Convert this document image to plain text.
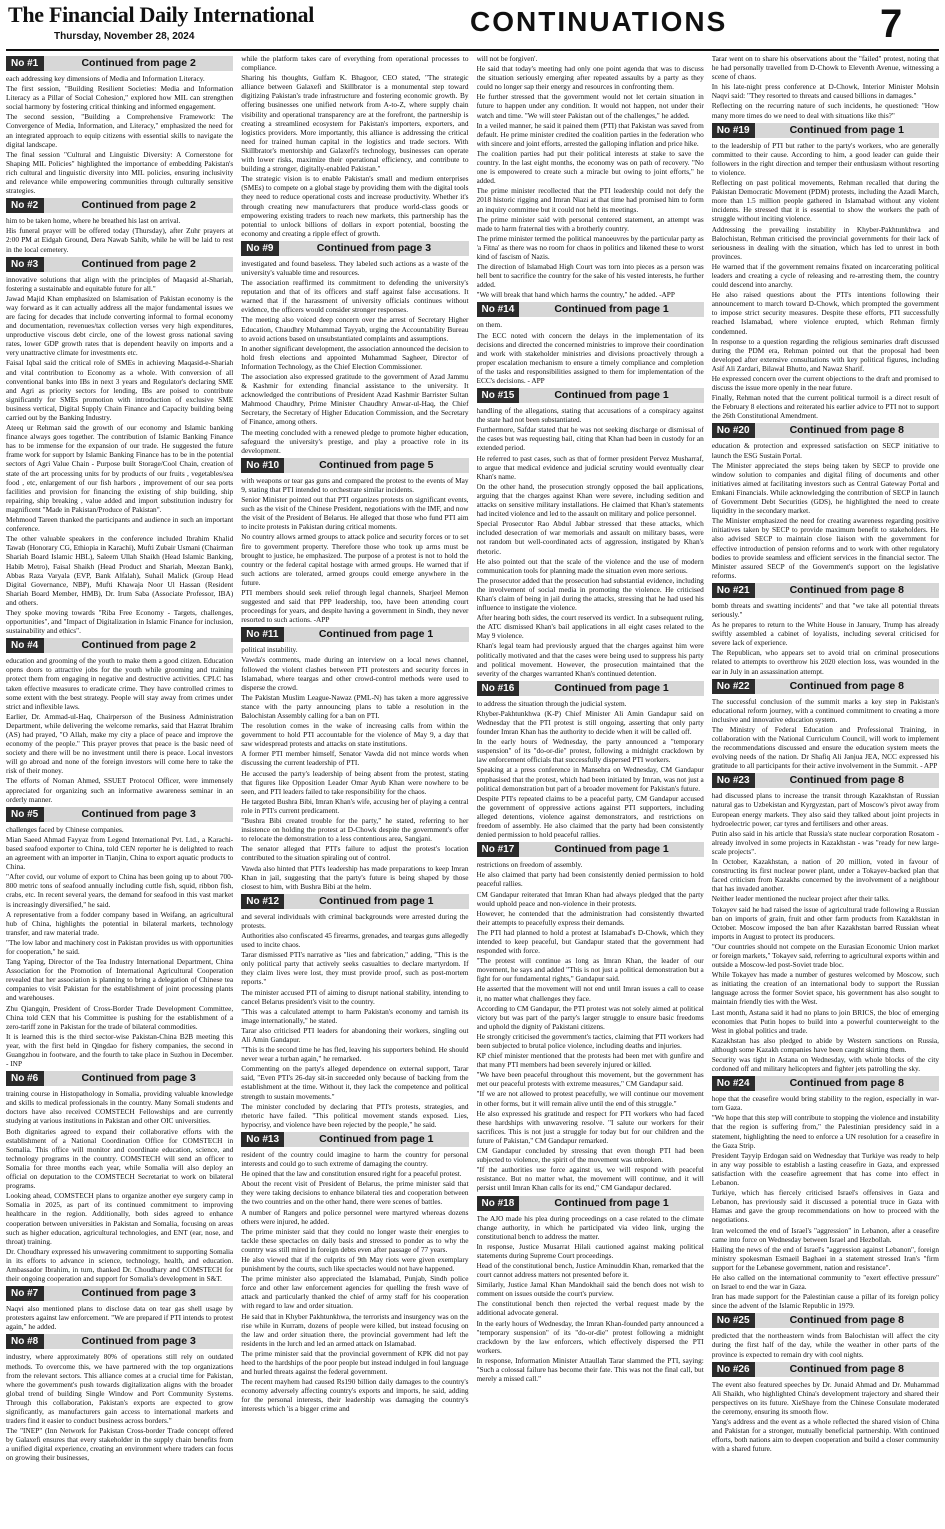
The Financial Daily International
Thursday, November 28, 2024	CONTINUATIONS	7
No #1	Continued from page 2

each addressing key dimensions of Media and Information Literacy.

The first session, "Building Resilient Societies: Media and Information Literacy as a Pillar of Social Cohesion," explored how MIL can strengthen social harmony by fostering critical thinking and informed engagement.

The second session, "Building a Comprehensive Framework: The Convergence of Media, Information, and Literacy," emphasized the need for an integrated approach to equip citizens with essential skills to navigate the digital landscape.

The final session "Cultural and Linguistic Diversity: A Cornerstone for Shaping MIL Policies" highlighted the importance of embedding Pakistan's rich cultural and linguistic diversity into MIL policies, ensuring inclusivity and relevance while empowering communities through culturally sensitive strategies.

No #2	Continued from page 2

him to be taken home, where he breathed his last on arrival.

His funeral prayer will be offered today (Thursday), after Zuhr prayers at 2:00 PM at Eidgah Ground, Dera Nawab Sahib, while he will be laid to rest in the local cemetery.

No #3	Continued from page 2

innovative solutions that align with the principles of Maqasid al-Shariah, fostering a sustainable and equitable future for all."

Jawad Majid Khan emphasized on Islamisation of Pakistan economy is the way forward as it can actually address all the major fundamental issues we are facing for decades that include converting informal to formal economy and documentation, revenues/tax collection verses very high expenditures, unproductive viscous debt circle, one of the lowest gross national saving rates, lower GDP growth rates that is dependent heavily on imports and a very unattractive climate for investments etc.

Faisal Iqbal said the critical role of SMEs in achieving Maqasid-e-Shariah and vital contribution to Economy as a whole. With conversion of all conventional banks into IBs in next 3 years and Regulator's declaring SME and Agri as priority sectors for lending, IBs are poised to contribute significantly for SMEs promotion with introduction of exclusive SME business vertical, Digital Supply Chain Finance and Capacity building being carried out by the Banking Industry.

Ateeq ur Rehman said the growth of our economy and Islamic banking finance always goes together. The contribution of Islamic Banking Finance has to be immense for the expansion of our trade. He suggested the future frame work for support by Islamic Banking Finance has to be in the potential sectors of Agri Value Chain - Purpose built Storage/Cool Chain, creation of state of the art processing units for by products of our fruits , vegetables/sea food , etc, enlargement of our fish harbors , improvement of our sea ports facilities and provision for financing the existing of ship building, ship repairing, ship breaking , value added and import substitution industry for magnificent "Made in Pakistan/Produce of Pakistan".

Mehmood Tareen thanked the participants and audience in such an important conference.

The other valuable speakers in the conference included Ibrahim Khalid Tawab (Honorary CG, Ethiopia in Karachi), Mufti Zubair Usmani (Chairman Shariah Board Islamic HBL), Saleem Ullah Shaikh (Head Islamic Banking, Habib Metro), Faisal Shaikh (Head Product and Shariah, Meezan Bank), Abbas Raza Varyala (EVP, Bank Alfalah), Suhail Malick (Group Head Digital Governance, NBP), Mufti Khawaja Noor Ul Hassan (Resident Shariah Board Member, HMB), Dr. Irum Saba (Associate Professor, IBA) and others.

They spoke moving towards "Riba Free Economy - Targets, challenges, opportunities", and "Impact of Digitalization in Islamic Finance for inclusion, sustainability and ethics".

No #4	Continued from page 2

education and grooming of the youth to make them a good citizen. Education opens doors to attractive jobs for the youth while grooming and training protect them from engaging in negative and destructive activities. CPLC has taken effective measures to eradicate crime. They have controlled crimes to some extent with the best strategy. People will stay away from crimes under strict and inflexible laws.

Earlier, Dr. Ammad-ul-Haq, Chairperson of the Business Administration Department, while delivering the welcome remarks, said that Hazrat Ibrahim (AS) had prayed, "O Allah, make my city a place of peace and improve the economy of the people." This prayer proves that peace is the basic need of society and there will be no investment until there is peace. Local investors will go abroad and none of the foreign investors will come here to take the risk of their money.

The efforts of Noman Ahmed, SSUET Protocol Officer, were immensely appreciated for organizing such an informative awareness seminar in an orderly manner.

No #5	Continued from page 3

challenges faced by Chinese companies.

Mian Saeed Ahmad Fayyaz from Legend International Pvt. Ltd., a Karachi-based seafood exporter to China, told CEN reporter he is delighted to reach an agreement with an importer in Tianjin, China to export aquatic products to China.

"After covid, our volume of export to China has been going up to about 700-800 metric tons of seafood annually including cuttle fish, squid, ribbon fish, crabs, etc. In recent several years, the demand for seafood in this vast market is increasingly diversified," he said.

A representative from a fodder company based in Weifang, an agricultural hub of China, highlights the potential in bilateral markets, technology transfer, and raw material trade.

"The low labor and machinery cost in Pakistan provides us with opportunities for cooperation," he said.

Tang Yaping, Director of the Tea Industry International Department, China Association for the Promotion of International Agricultural Cooperation revealed that her association is planning to bring a delegation of Chinese tea companies to visit Pakistan for the establishment of joint processing plants and warehouses.

Zhu Qiangqin, President of Cross-Border Trade Development Committee, China told CEN that his Committee is pushing for the establishment of a zero-tariff zone in Pakistan for the trade of bilateral commodities.

It is learned this is the third sector-wise Pakistan-China B2B meeting this year, with the first held in Qingdao for fishery companies, the second in Guangzhou in footware, and the fourth to take place in Suzhou in December. - INP

No #6	Continued from page 3

training course in Histopathology in Somalia, providing valuable knowledge and skills to medical professionals in the country. Many Somali students and doctors have also received COMSTECH Fellowships and are currently studying at various institutions in Pakistan and other OIC universities.

Both dignitaries agreed to expand their collaborative efforts with the establishment of a National Coordination Office for COMSTECH in Somalia. This office will monitor and coordinate education, science, and technology programs in the country. COMSTECH will send an officer to Somalia for three months each year, while Somalia will also deploy an official on deputation to the COMSTECH Secretariat to work on bilateral programs.

Looking ahead, COMSTECH plans to organize another eye surgery camp in Somalia in 2025, as part of its continued commitment to improving healthcare in the region. Additionally, both sides agreed to enhance cooperation between universities in Pakistan and Somalia, focusing on areas such as higher education, agricultural technologies, and ENT (ear, nose, and throat) training.

Dr. Choudhary expressed his unwavering commitment to supporting Somalia in its efforts to advance in science, technology, health, and education. Ambassador Ibrahim, in turn, thanked Dr. Choudhary and COMSTECH for their ongoing cooperation and support for Somalia's development in S&T.

No #7	Continued from page 3

Naqvi also mentioned plans to disclose data on tear gas shell usage by protesters against law enforcement. "We are prepared if PTI intends to protest again," he added.

No #8	Continued from page 3

industry, where approximately 80% of operations still rely on outdated methods. To overcome this, we have partnered with the top organizations from the relevant sectors. This alliance comes at a crucial time for Pakistan, where the government's push towards digitalization aligns with the broader global trend of building Single Window and Port Community Systems. Through this collaboration, Pakistan's exports are expected to grow significantly, as manufacturers gain access to international markets and traders find it easier to conduct business across borders."

The "INEP" (Inn Network for Pakistan Cross-border Trade concept offered by Galaxefi ensures that every stakeholder in the supply chain benefits from a unified digital experience, creating an environment where traders can focus on growing their businesses,

while the platform takes care of everything from operational processes to compliance.

Sharing his thoughts, Gulfam K. Bhagoor, CEO stated, "The strategic alliance between Galaxefi and Skillbrator is a monumental step toward digitizing Pakistan's trade infrastructure and fostering economic growth. By offering businesses one unified network from A-to-Z, where supply chain visibility and operational transparency are at the forefront, the partnership is creating a streamlined ecosystem for Pakistan's importers, exporters, and logistics providers. More importantly, this alliance is addressing the critical need for trained human capital in the logistics and trade sectors. With Skillbrator's mentorship and Galaxefi's technology, businesses can operate with lower risks, maximize their operational efficiency, and contribute to building a stronger, digitally-enabled Pakistan."

The strategic vision is to enable Pakistan's small and medium enterprises (SMEs) to compete on a global stage by providing them with the digital tools they need to reduce operational costs and increase productivity. Whether it's through creating new manufacturers that produce world-class goods or empowering existing traders to reach new markets, this partnership has the potential to unlock billions of dollars in export potential, boosting the economy and creating a ripple effect of growth.

No #9	Continued from page 3

investigated and found baseless. They labeled such actions as a waste of the university's valuable time and resources.

The association reaffirmed its commitment to defending the university's reputation and that of its officers and staff against false accusations. It warned that if the harassment of university officials continues without evidence, the officers would consider stronger responses.

The meeting also voiced deep concern over the arrest of Secretary Higher Education, Chaudhry Muhammad Tayyab, urging the Accountability Bureau to avoid actions based on unsubstantiated complaints and assumptions.

In another significant development, the association announced the decision to hold fresh elections and appointed Muhammad Sagheer, Director of Information Technology, as the Chief Election Commissioner.

The association also expressed gratitude to the government of Azad Jammu & Kashmir for extending financial assistance to the university. It acknowledged the contributions of President Azad Kashmir Barrister Sultan Mahmood Chaudhry, Prime Minister Chaudhry Anwar-ul-Haq, the Chief Secretary, the Secretary of Higher Education Commission, and the Secretary of Finance, among others.

The meeting concluded with a renewed pledge to promote higher education, safeguard the university's prestige, and play a proactive role in its development.

No #10	Continued from page 5

with weapons or tear gas guns and compared the protest to the events of May 9, stating that PTI intended to orchestrate similar incidents.

Senior Minister pointed out that PTI organizes protests on significant events, such as the visit of the Chinese President, negotiations with the IMF, and now the visit of the President of Belarus. He alleged that those who fund PTI aim to incite protests in Pakistan during critical moments.

No country allows armed groups to attack police and security forces or to set fire to government property. Therefore those who took up arms must be brought to justice, he emphasized. The purpose of a protest is not to hold the country or the federal capital hostage with armed groups. He warned that if such actions are tolerated, armed groups could emerge anywhere in the future.

PTI members should seek relief through legal channels, Sharjeel Memon suggested and said that PPP leadership, too, have been attending court proceedings for years, and despite having a government in Sindh, they never resorted to such actions. -APP

No #11	Continued from page 1

political instability.

Vawda's comments, made during an interview on a local news channel, followed the violent clashes between PTI protesters and security forces in Islamabad, where teargas and other crowd-control methods were used to disperse the crowd.

The Pakistan Muslim League-Nawaz (PML-N) has taken a more aggressive stance with the party announcing plans to table a resolution in the Balochistan Assembly calling for a ban on PTI.

The resolution comes in the wake of increasing calls from within the government to hold PTI accountable for the violence of May 9, a day that saw widespread protests and attacks on state institutions.

A former PTI member himself, Senator Vawda did not mince words when discussing the current leadership of PTI.

He accused the party's leadership of being absent from the protest, stating that figures like Opposition Leader Omar Ayub Khan were nowhere to be seen, and PTI leaders failed to take responsibility for the chaos.

He targeted Bushra Bibi, Imran Khan's wife, accusing her of playing a central role in PTI's current predicament.

"Bushra Bibi created trouble for the party," he stated, referring to her insistence on holding the protest at D-Chowk despite the government's offer to relocate the demonstration to a less contentious area, Sangjani.

The senator alleged that PTI's failure to adjust the protest's location contributed to the situation spiraling out of control.

Vawda also hinted that PTI's leadership has made preparations to keep Imran Khan in jail, suggesting that the party's future is being shaped by those closest to him, with Bushra Bibi at the helm.

No #12	Continued from page 1

and several individuals with criminal backgrounds were arrested during the protests.

Authorities also confiscated 45 firearms, grenades, and teargas guns allegedly used to incite chaos.

Tarar dismissed PTI's narrative as "lies and fabrication," adding, "This is the only political party that actively seeks casualties to declare martyrdom. If they claim lives were lost, they must provide proof, such as post-mortem reports."

The minister accused PTI of aiming to disrupt national stability, intending to cancel Belarus president's visit to the country.

"This was a calculated attempt to harm Pakistan's economy and tarnish its image internationally," he stated.

Tarar also criticised PTI leaders for abandoning their workers, singling out Ali Amin Gandapur.

"This is the second time he has fled, leaving his supporters behind. He should never wear a turban again," he remarked.

Commenting on the party's alleged dependence on external support, Tarar said, "Even PTI's 26-day sit-in succeeded only because of backing from the establishment at the time. Without it, they lack the competence and political strength to sustain movements."

The minister concluded by declaring that PTI's protests, strategies, and rhetoric have failed. "This political movement stands exposed. Lies, hypocrisy, and violence have been rejected by the people," he said.

No #13	Continued from page 1

resident of the country could imagine to harm the country for personal interests and could go to such extreme of damaging the country.

He opined that the law and constitution ensured right for a peaceful protest.

About the recent visit of President of Belarus, the prime minister said that they were taking decisions to enhance bilateral ties and cooperation between the two countries and on the other hand, there were scenes of battles.

A number of Rangers and police personnel were martyred whereas dozens others were injured, he added.

The prime minister said that they could no longer waste their energies to tackle these spectacles on daily basis and stressed to ponder as to why the country was still mired in foreign debts even after passage of 77 years.

He also viewed that if the culprits of 9th May riots were given exemplary punishment by the courts, such like spectacles would not have happened.

The prime minister also appreciated the Islamabad, Punjab, Sindh police force and other law enforcement agencies for quelling the fresh wave of attack and particularly thanked the chief of army staff for his cooperation with regard to law and order situation.

He said that in Khyber Pakhtunkhwa, the terrorists and insurgency was on the rise while in Kurram, dozens of people were killed, but instead focusing on the law and order situation there, the provincial government had left the residents in the lurch and led an armed attack on Islamabad.

The prime minister said that the provincial government of KPK did not pay heed to the hardships of the poor people but instead indulged in foul language and hurled threats against the federal government.

The recent mayhem had caused Rs190 billion daily damages to the country's economy adversely affecting country's exports and imports, he said, adding for the personal interests, their leadership was damaging the country's interests which 'is a bigger crime and

will not be forgiven'.

He said that today's meeting had only one point agenda that was to discuss the situation seriously emerging after repeated assaults by a party as they could no longer sap their energy and resources in confronting them.

He further stressed that the government would not let certain situation in future to happen under any condition. It would not happen, not under their watch and time. "We will steer Pakistan out of the challenges," he added.

In a veiled manner, he said it pained them (PTI) that Pakistan was saved from default. He prime minister credited the coalition parties in the federation who with sincere and joint efforts, arrested the galloping inflation and price hike.

The coalition parties had put their political interests at stake to save the country. In the last eight months, the economy was on path of recovery. "No one is empowered to create such a miracle but owing to joint efforts," he added.

The prime minister recollected that the PTI leadership could not defy the 2018 historic rigging and Imran Niazi at that time had promised him to form an inquiry committee but it could not held its meetings.

The prime minister said with personal centered statement, an attempt was made to harm fraternal ties with a brotherly country.

The prime minister termed the political manoeuvres by the particular party as 'a Fitna' as there was no room for chaos in politics and likened these to worst kind of fascism of Nazis.

The direction of Islamabad High Court was torn into pieces as a person was hell bent to sacrifice the country for the sake of his vested interests, he further added.

"We will break that hand which harms the country," he added. -APP

No #14	Continued from page 1

on them.

The ECC noted with concern the delays in the implementation of its decisions and directed the concerned ministries to improve their coordination and work with stakeholder ministries and divisions proactively through a proper escalation mechanism to ensure a timely compliance and completion of the tasks and responsibilities assigned to them for implementation of the ECC's decisions. - APP

No #15	Continued from page 1

handling of the allegations, stating that accusations of a conspiracy against the state had not been substantiated.

Furthermore, Safdar stated that he was not seeking discharge or dismissal of the cases but was requesting bail, citing that Khan had been in custody for an extended period.

He referred to past cases, such as that of former president Pervez Musharraf, to argue that medical evidence and judicial scrutiny would eventually clear Khan's name.

On the other hand, the prosecution strongly opposed the bail applications, arguing that the charges against Khan were severe, including sedition and attacks on sensitive military installations. He claimed that Khan's statements had incited violence and led to the assault on military and police personnel.

Special Prosecutor Rao Abdul Jabbar stressed that these attacks, which included desecration of war memorials and assault on military bases, were not random but well-coordinated acts of aggression, instigated by Khan's rhetoric.

He also pointed out that the scale of the violence and the use of modern communication tools for planning made the situation even more serious.

The prosecutor added that the prosecution had substantial evidence, including the involvement of social media in promoting the violence. He criticised Khan's claim of being in jail during the attacks, stressing that he had used his influence to instigate the violence.

After hearing both sides, the court reserved its verdict. In a subsequent ruling, the ATC dismissed Khan's bail applications in all eight cases related to the May 9 violence.

Khan's legal team had previously argued that the charges against him were politically motivated and that the cases were being used to suppress his party and political movement. However, the prosecution maintained that the severity of the charges warranted Khan's continued detention.

No #16	Continued from page 1

to address the situation through the judicial system.

Khyber-Pakhtunkhwa (K-P) Chief Minister Ali Amin Gandapur said on Wednesday that the PTI protest is still ongoing, asserting that only party founder Imran Khan has the authority to decide when it will be called off.

In the early hours of Wednesday, the party announced a "temporary suspension" of its "do-or-die" protest, following a midnight crackdown by law enforcement officials that successfully dispersed PTI workers.

Speaking at a press conference in Mansehra on Wednesday, CM Gandapur emphasised that the protest, which had been initiated by Imran, was not just a political demonstration but part of a broader movement for Pakistan's future.

Despite PTI's repeated claims to be a peaceful party, CM Gandapur accused the government of oppressive actions against PTI supporters, including alleged detentions, violence against demonstrators, and restrictions on freedom of assembly. He also claimed that the party had been consistently denied permission to hold peaceful rallies.

No #17	Continued from page 1

restrictions on freedom of assembly.

He also claimed that party had been consistently denied permission to hold peaceful rallies.

CM Gandapur reiterated that Imran Khan had always pledged that the party would uphold peace and non-violence in their protests.

However, he contended that the administration had consistently thwarted their attempts to peacefully express their demands.

The PTI had planned to hold a protest at Islamabad's D-Chowk, which they intended to keep peaceful, but Gandapur stated that the government had responded with force.

"The protest will continue as long as Imran Khan, the leader of our movement, he says and added "This is not just a political demonstration but a fight for our fundamental rights," Gandapur said.

He asserted that the movement will not end until Imran issues a call to cease it, no matter what challenges they face.

According to CM Gandapur, the PTI protest was not solely aimed at political victory but was part of the party's larger struggle to ensure basic freedoms and uphold the dignity of Pakistani citizens.

He strongly criticised the government's tactics, claiming that PTI workers had been subjected to brutal police violence, including deaths and injuries.

KP chief minister mentioned that the protests had been met with gunfire and that many PTI members had been severely injured or killed.

"We have been peaceful throughout this movement, but the government has met our peaceful protests with extreme measures," CM Gandapur said.

"If we are not allowed to protest peacefully, we will continue our movement in other forms, but it will remain alive until the end of this struggle."

He also expressed his gratitude and respect for PTI workers who had faced these hardships with unwavering resolve. "I salute our workers for their sacrifices. This is not just a struggle for today but for our children and the future of Pakistan," CM Gandapur remarked.

CM Gandapur concluded by stressing that even though PTI had been subjected to violence, the spirit of the movement was unbroken.

"If the authorities use force against us, we will respond with peaceful resistance. But no matter what, the movement will continue, and it will persist until Imran Khan calls for its end," CM Gandapur declared.

No #18	Continued from page 1

The AJO made his plea during proceedings on a case related to the climate change authority, in which he participated via video link, urging the constitutional bench to address the matter.

In response, Justice Musarrat Hilali cautioned against making political statements during Supreme Court proceedings.

Head of the constitutional bench, Justice Aminuddin Khan, remarked that the court cannot address matters not presented before it.

Similarly, Justice Jamal Khan Mandokhail said the bench does not wish to comment on issues outside the court's purview.

The constitutional bench then rejected the verbal request made by the additional advocate general.

In the early hours of Wednesday, the Imran Khan-founded party announced a "temporary suspension" of its "do-or-die" protest following a midnight crackdown by the law enforcers, which effectively dispersed the PTI workers.

In response, Information Minister Attaullah Tarar slammed the PTI, saying: "Such a colossal failure has become their fate. This was not the final call, but merely a missed call."

Tarar went on to share his observations about the "failed" protest, noting that he had personally travelled from D-Chowk to Eleventh Avenue, witnessing a scene of chaos.

In his late-night press conference at D-Chowk, Interior Minister Mohsin Naqvi said: "They resorted to threats and caused billions in damages."

Reflecting on the recurring nature of such incidents, he questioned: "How many more times do we need to deal with situations like this?"

No #19	Continued from page 1

to the leadership of PTI but rather to the party's workers, who are generally committed to their cause. According to him, a good leader can guide their followers in the right direction and temper their enthusiasm without resorting to violence.

Reflecting on past political movements, Rehman recalled that during the Pakistan Democratic Movement (PDM) protests, including the Azadi March, more than 1.5 million people gathered in Islamabad without any violent incidents. He stressed that it is essential to show the workers the path of struggle without inciting violence.

Addressing the prevailing instability in Khyber-Pakhtunkhwa and Balochistan, Rehman criticised the provincial governments for their lack of seriousness in dealing with the situation, which has led to unrest in both provinces.

He warned that if the government remains fixated on incarcerating political leaders and creating a cycle of releasing and re-arresting them, the country could descend into anarchy.

He also raised questions about the PTI's intentions following their announcement to march toward D-Chowk, which prompted the government to impose strict security measures. Despite these efforts, PTI successfully reached Islamabad, where violence erupted, which Rehman firmly condemned.

In response to a question regarding the religious seminaries draft discussed during the PDM era, Rehman pointed out that the proposal had been developed after extensive consultations with key political figures, including Asif Ali Zardari, Bilawal Bhutto, and Nawaz Sharif.

He expressed concern over the current objections to the draft and promised to discuss the issue more openly in the near future.

Finally, Rehman noted that the current political turmoil is a direct result of the February 8 elections and reiterated his earlier advice to PTI not to support the 26th Constitutional Amendment.

No #20	Continued from page 8

education & protection and expressed satisfaction on SECP initiative to launch the ESG Sustain Portal.

The Minister appreciated the steps being taken by SECP to provide one window solution to companies and digital filing of documents and other initiatives aimed at facilitating investors such as Central Gateway Portal and Emkani Financials. While acknowledging the contribution of SECP in launch of Government Debt Securities (GDS), he highlighted the need to create liquidity in the secondary market.

The Minister emphasized the need for creating awareness regarding positive initiatives taken by SECP to provide maximum benefit to stakeholders. He also advised SECP to maintain close liaison with the government for effective introduction of pension reforms and to work with other regulatory bodies to provide seamless and efficient services in the financial sector. The Minister assured SECP of the Government's support on the legislative reforms.

No #21	Continued from page 8

bomb threats and swatting incidents" and that "we take all potential threats seriously."

As he prepares to return to the White House in January, Trump has already swiftly assembled a cabinet of loyalists, including several criticised for severe lack of experience.

The Republican, who appears set to avoid trial on criminal prosecutions related to attempts to overthrow his 2020 election loss, was wounded in the ear in July in an assassination attempt.

No #22	Continued from page 8

The successful conclusion of the summit marks a key step in Pakistan's educational reform journey, with a continued commitment to creating a more inclusive and innovative education system.

The Ministry of Federal Education and Professional Training, in collaboration with the National Curriculum Council, will work to implement the recommendations discussed and ensure the education system meets the evolving needs of the nation. Dr Shafiq Ali Janjua JEA, NCC expressed his gratitude to all participants for their active involvement in the Summit. - APP

No #23	Continued from page 8

had discussed plans to increase the transit through Kazakhstan of Russian natural gas to Uzbekistan and Kyrgyzstan, part of Moscow's pivot away from European energy markets. They also said they talked about joint projects in hydroelectric power, car tyres and fertilisers and other areas.

Putin also said in his article that Russia's state nuclear corporation Rosatom - already involved in some projects in Kazakhstan - was "ready for new large-scale projects".

In October, Kazakhstan, a nation of 20 million, voted in favour of constructing its first nuclear power plant, under a Tokayev-backed plan that faced criticism from Kazakhs concerned by the involvement of a neighbour that has invaded another.

Neither leader mentioned the nuclear project after their talks.

Tokayev said he had raised the issue of agricultural trade following a Russian ban on imports of grain, fruit and other farm products from Kazakhstan in October. Moscow imposed the ban after Kazakhstan barred Russian wheat imports in August to protect its producers.

"Our countries should not compete on the Eurasian Economic Union market or foreign markets," Tokayev said, referring to agricultural exports within and outside a Moscow-led post-Soviet trade bloc.

While Tokayev has made a number of gestures welcomed by Moscow, such as initiating the creation of an international body to support the Russian language across the former Soviet space, his government has also sought to maintain friendly ties with the West.

Last month, Astana said it had no plans to join BRICS, the bloc of emerging economies that Putin hopes to build into a powerful counterweight to the West in global politics and trade.

Kazakhstan has also pledged to abide by Western sanctions on Russia, although some Kazakh companies have been caught skirting them.

Security was tight in Astana on Wednesday, with whole blocks of the city cordoned off and military helicopters and fighter jets patrolling the sky.

No #24	Continued from page 8

hope that the ceasefire would bring stability to the region, especially in war-torn Gaza.

"We hope that this step will contribute to stopping the violence and instability that the region is suffering from," the Palestinian presidency said in a statement, highlighting the need to enforce a UN resolution for a ceasefire in the Gaza Strip.

President Tayyip Erdogan said on Wednesday that Turkiye was ready to help in any way possible to establish a lasting ceasefire in Gaza, and expressed satisfaction with the ceasefire agreement that has come into effect in Lebanon.

Turkiye, which has fiercely criticised Israel's offensives in Gaza and Lebanon, has previously said it discussed a potential truce in Gaza with Hamas and gave the group recommendations on how to proceed with the negotiations.

Iran welcomed the end of Israel's "aggression" in Lebanon, after a ceasefire came into force on Wednesday between Israel and Hezbollah.

Hailing the news of the end of Israel's "aggression against Lebanon", foreign ministry spokesman Esmaeil Baghaei in a statement stressed Iran's "firm support for the Lebanese government, nation and resistance".

He also called on the international community to "exert effective pressure" on Israel to end the war in Gaza.

Iran has made support for the Palestinian cause a pillar of its foreign policy since the advent of the Islamic Republic in 1979.

No #25	Continued from page 8

predicted that the northeastern winds from Balochistan will affect the city during the first half of the day, while the weather in other parts of the province is expected to remain dry with cool nights.

No #26	Continued from page 8

The event also featured speeches by Dr. Junaid Ahmad and Dr. Muhammad Ali Shaikh, who highlighted China's development trajectory and shared their perspectives on its future. XieShaye from the Chinese Consulate moderated the ceremony, ensuring its smooth flow.

Yang's address and the event as a whole reflected the shared vision of China and Pakistan for a stronger, mutually beneficial partnership. With continued efforts, both nations aim to deepen cooperation and build a closer community with a shared future.
